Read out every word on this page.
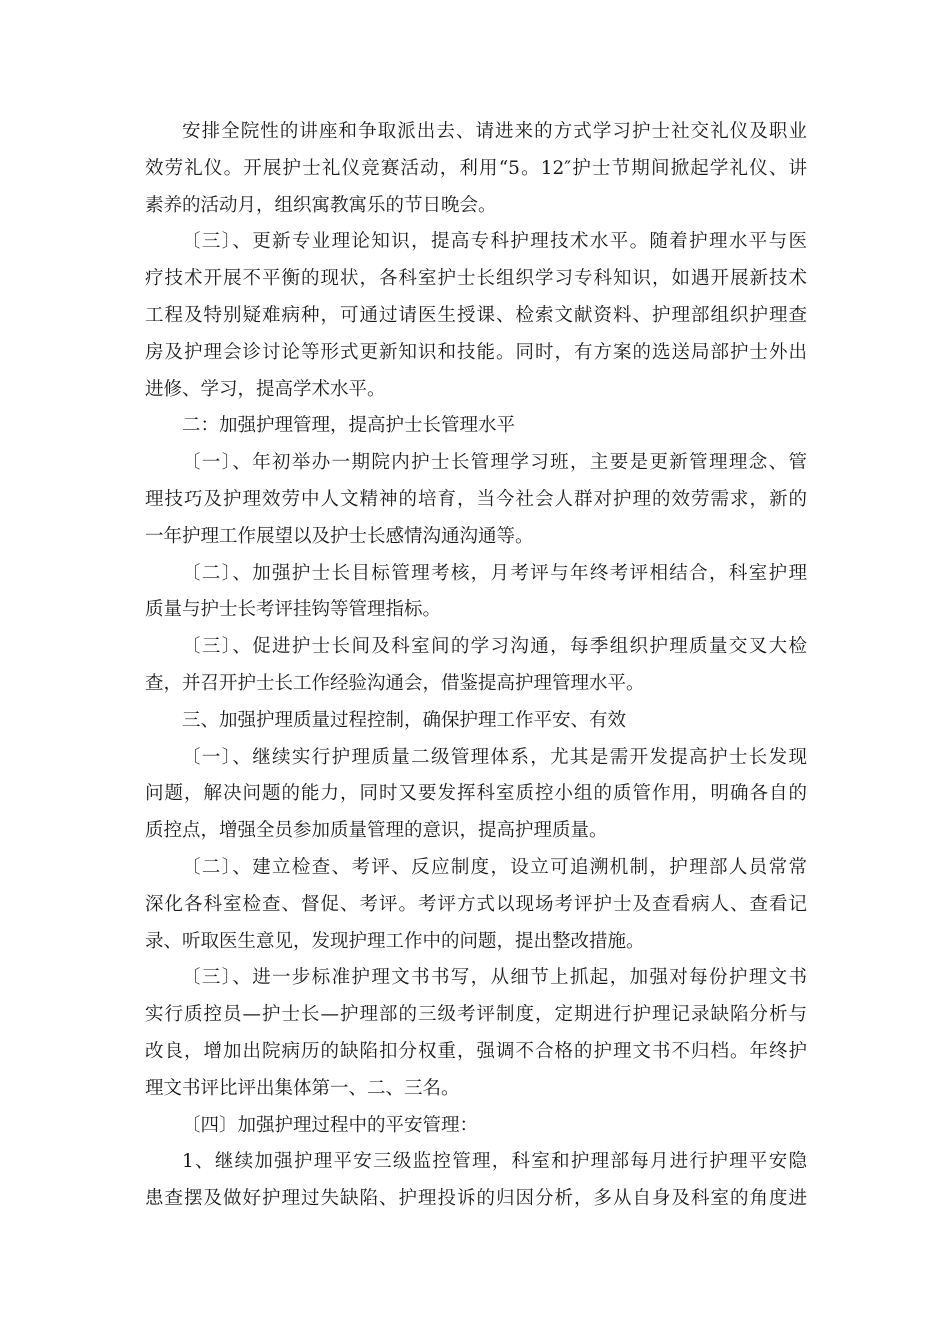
安排全院性的讲座和争取派出去、请进来的方式学习护士社交礼仪及职业
效劳礼仪。开展护士礼仪竞赛活动，利用“5。12″护士节期间掀起学礼仪、讲
素养的活动月，组织寓教寓乐的节日晚会。
〔三〕、更新专业理论知识，提高专科护理技术水平。随着护理水平与医
疗技术开展不平衡的现状，各科室护士长组织学习专科知识，如遇开展新技术
工程及特别疑难病种，可通过请医生授课、检索文献资料、护理部组织护理查
房及护理会诊讨论等形式更新知识和技能。同时，有方案的选送局部护士外出
进修、学习，提高学术水平。
二：加强护理管理，提高护士长管理水平
〔一〕、年初举办一期院内护士长管理学习班，主要是更新管理理念、管
理技巧及护理效劳中人文精神的培育，当今社会人群对护理的效劳需求，新的
一年护理工作展望以及护士长感情沟通沟通等。
〔二〕、加强护士长目标管理考核，月考评与年终考评相结合，科室护理
质量与护士长考评挂钩等管理指标。
〔三〕、促进护士长间及科室间的学习沟通，每季组织护理质量交叉大检
查，并召开护士长工作经验沟通会，借鉴提高护理管理水平。
三、加强护理质量过程控制，确保护理工作平安、有效
〔一〕、继续实行护理质量二级管理体系，尤其是需开发提高护士长发现
问题，解决问题的能力，同时又要发挥科室质控小组的质管作用，明确各自的
质控点，增强全员参加质量管理的意识，提高护理质量。
〔二〕、建立检查、考评、反应制度，设立可追溯机制，护理部人员常常
深化各科室检查、督促、考评。考评方式以现场考评护士及查看病人、查看记
录、听取医生意见，发现护理工作中的问题，提出整改措施。
〔三〕、进一步标准护理文书书写，从细节上抓起，加强对每份护理文书
实行质控员—护士长—护理部的三级考评制度，定期进行护理记录缺陷分析与
改良，增加出院病历的缺陷扣分权重，强调不合格的护理文书不归档。年终护
理文书评比评出集体第一、二、三名。
〔四〕加强护理过程中的平安管理：
1、继续加强护理平安三级监控管理，科室和护理部每月进行护理平安隐
患查摆及做好护理过失缺陷、护理投诉的归因分析，多从自身及科室的角度进
